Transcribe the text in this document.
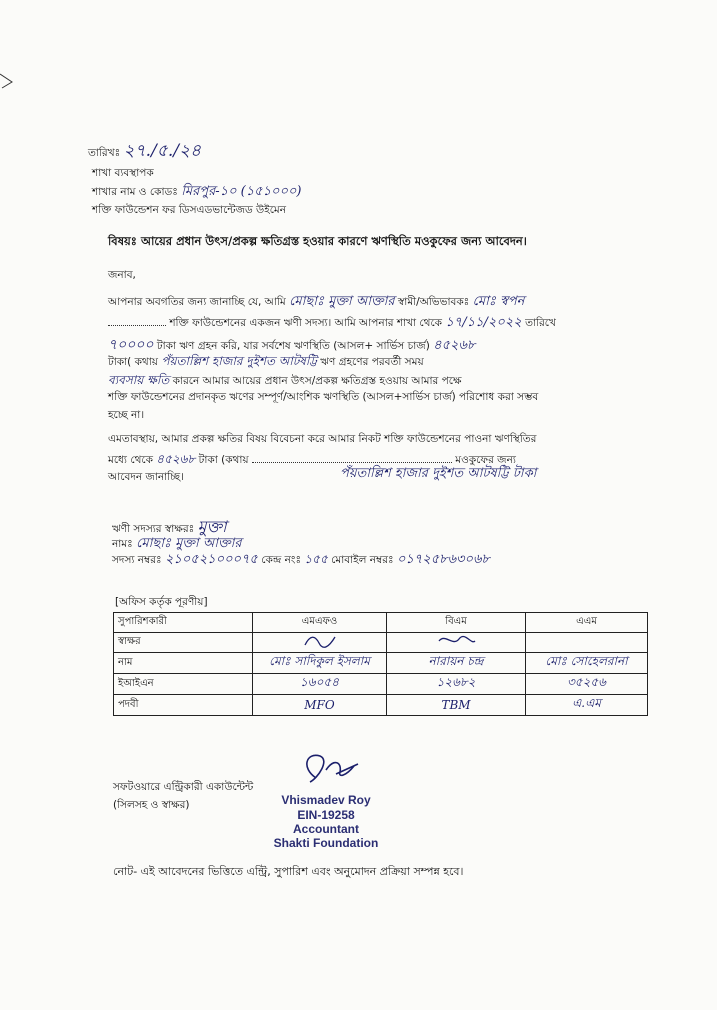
তারিখঃ ২৭./৫./২৪
শাখা ব্যবস্থাপক
শাখার নাম ও কোডঃ মিরপুর-১০ (১৫১০০০)
শক্তি ফাউন্ডেশন ফর ডিসএডভান্টেজড উইমেন
বিষয়ঃ আয়ের প্রধান উৎস/প্রকল্প ক্ষতিগ্রস্ত হওয়ার কারণে ঋণস্থিতি মওকুফের জন্য আবেদন।
জনাব,
আপনার অবগতির জন্য জানাচ্ছি যে, আমি মোছাঃ মুক্তা আক্তার স্বামী/অভিভাবকঃ মোঃ স্বপন
শক্তি ফাউন্ডেশনের একজন ঋণী সদস্য। আমি আপনার শাখা থেকে ১৭/১১/২০২২ তারিখে
৭০০০০ টাকা ঋণ গ্রহন করি, যার সর্বশেষ ঋণস্থিতি (আসল+ সার্ভিস চার্জ) ৪৫২৬৮
টাকা( কথায় পঁয়তাল্লিশ হাজার দুইশত আটষট্টি ঋণ গ্রহণের পরবর্তী সময়
ব্যবসায় ক্ষতি কারনে আমার আয়ের প্রধান উৎস/প্রকল্প ক্ষতিগ্রস্ত হওয়ায় আমার পক্ষে
শক্তি ফাউন্ডেশনের প্রদানকৃত ঋণের সম্পূর্ণ/আংশিক ঋণস্থিতি (আসল+সার্ভিস চার্জ) পরিশোধ করা সম্ভব
হচ্ছে না।
এমতাবস্থায়, আমার প্রকল্প ক্ষতির বিষয় বিবেচনা করে আমার নিকট শক্তি ফাউন্ডেশনের পাওনা ঋণস্থিতির
মধ্যে থেকে ৪৫২৬৮ টাকা (কথায়	মওকুফের জন্য
আবেদন জানাচ্ছি।	পঁয়তাল্লিশ হাজার দুইশত আটষট্টি টাকা
ঋণী সদস্যর স্বাক্ষরঃ মুক্তা
নামঃ মোছাঃ মুক্তা আক্তার
সদস্য নম্বরঃ ২১০৫২১০০০৭৫ কেন্দ্র নংঃ ১৫৫ মোবাইল নম্বরঃ ০১৭২৫৮৬৩০৬৮
[অফিস কর্তৃক পূরণীয়]
সুপারিশকারী	এমএফও	বিএম	এএম
স্বাক্ষর			
নাম	মোঃ সাদিকুল ইসলাম	নারায়ন চন্দ্র	মোঃ সোহেলরানা
ইআইএন	১৬০৫৪	১২৬৮২	৩৫২৫৬
পদবী	MFO	TBM	এ.এম
সফটওয়ারে এন্ট্রিকারী একাউন্টেন্ট
(সিলসহ ও স্বাক্ষর)	Vhismadev Roy
EIN-19258
Accountant
Shakti Foundation
নোট- এই আবেদনের ভিত্তিতে এন্ট্রি, সুপারিশ এবং অনুমোদন প্রক্রিয়া সম্পন্ন হবে।
